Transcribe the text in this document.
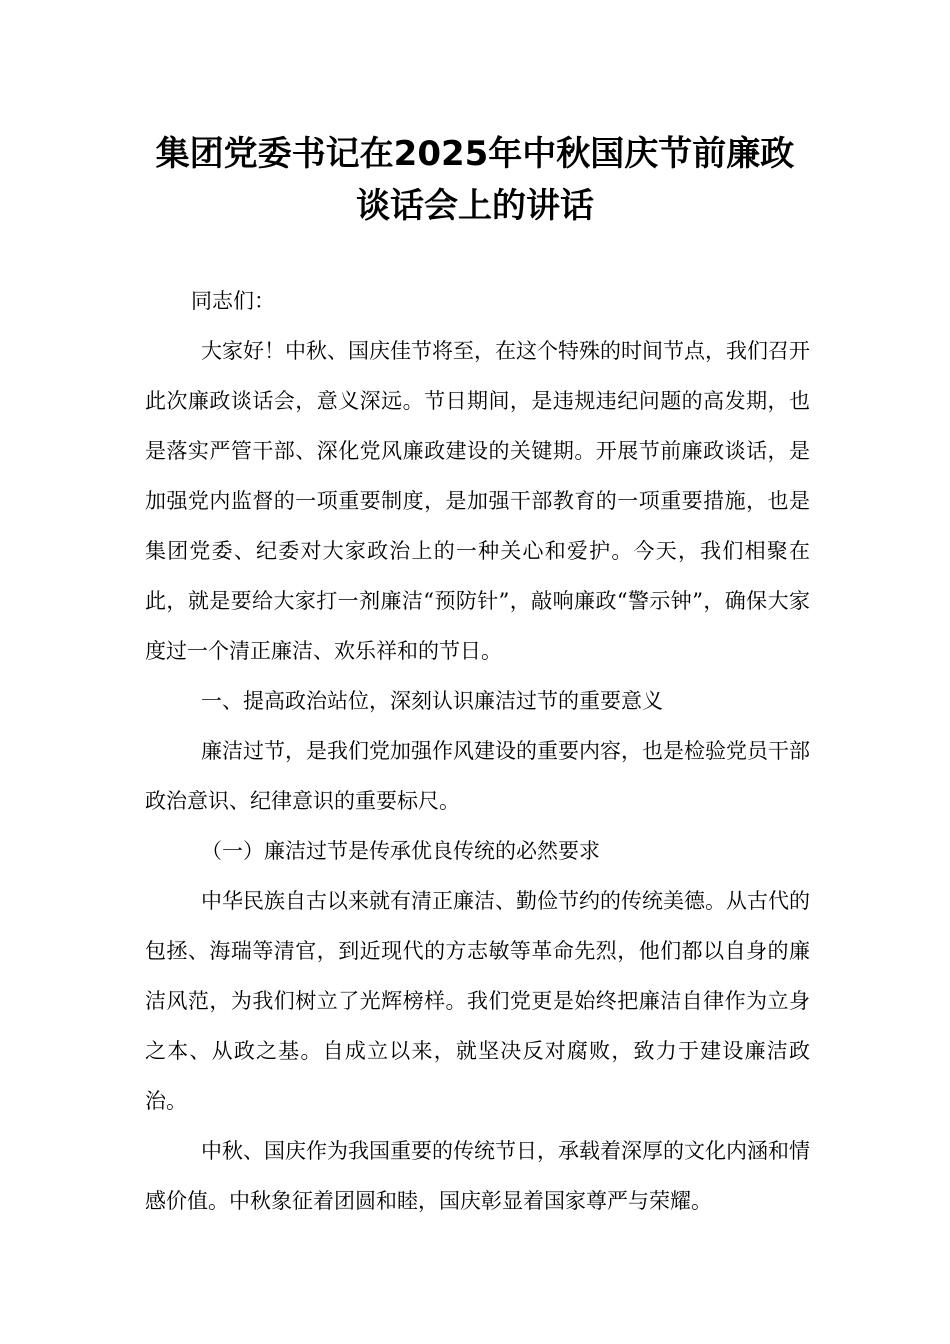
集团党委书记在2025年中秋国庆节前廉政
谈话会上的讲话

同志们：

大家好！中秋、国庆佳节将至，在这个特殊的时间节点，我们召开此次廉政谈话会，意义深远。节日期间，是违规违纪问题的高发期，也是落实严管干部、深化党风廉政建设的关键期。开展节前廉政谈话，是加强党内监督的一项重要制度，是加强干部教育的一项重要措施，也是集团党委、纪委对大家政治上的一种关心和爱护。今天，我们相聚在此，就是要给大家打一剂廉洁“预防针”，敲响廉政“警示钟”，确保大家度过一个清正廉洁、欢乐祥和的节日。

一、提高政治站位，深刻认识廉洁过节的重要意义

廉洁过节，是我们党加强作风建设的重要内容，也是检验党员干部政治意识、纪律意识的重要标尺。

（一）廉洁过节是传承优良传统的必然要求

中华民族自古以来就有清正廉洁、勤俭节约的传统美德。从古代的包拯、海瑞等清官，到近现代的方志敏等革命先烈，他们都以自身的廉洁风范，为我们树立了光辉榜样。我们党更是始终把廉洁自律作为立身之本、从政之基。自成立以来，就坚决反对腐败，致力于建设廉洁政治。

中秋、国庆作为我国重要的传统节日，承载着深厚的文化内涵和情感价值。中秋象征着团圆和睦，国庆彰显着国家尊严与荣耀。
